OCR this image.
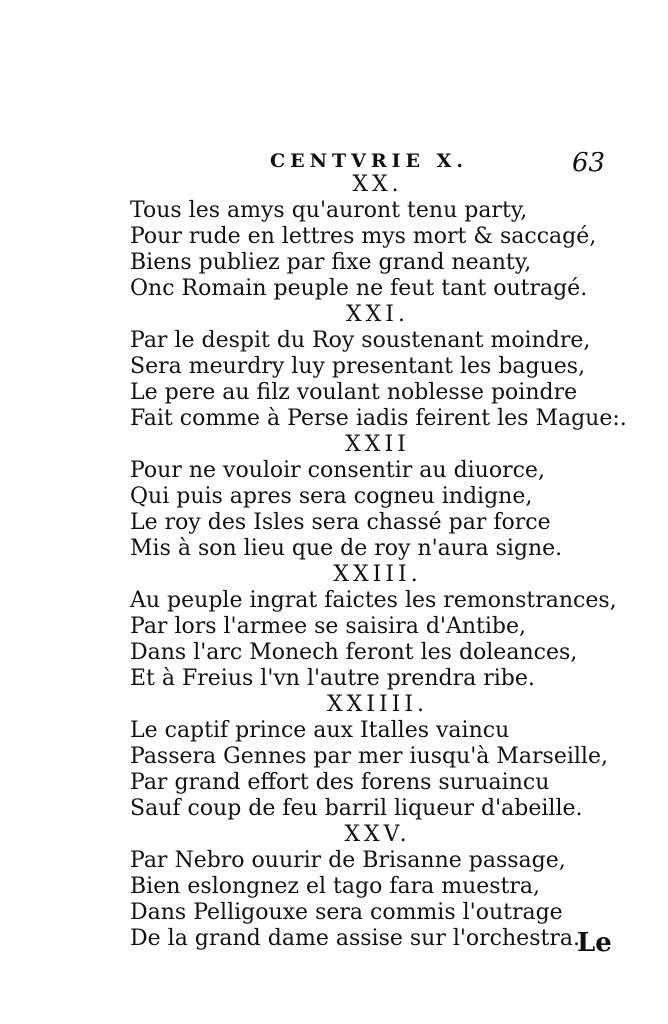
CENTVRIE X.	63
XX.
Tous les amys qu'auront tenu party,
Pour rude en lettres mys mort & saccagé,
Biens publiez par fixe grand neanty,
Onc Romain peuple ne feut tant outragé.
XXI.
Par le despit du Roy soustenant moindre,
Sera meurdry luy presentant les bagues,
Le pere au filz voulant noblesse poindre
Fait comme à Perse iadis feirent les Mague:.
XXII
Pour ne vouloir consentir au diuorce,
Qui puis apres sera cogneu indigne,
Le roy des Isles sera chassé par force
Mis à son lieu que de roy n'aura signe.
XXIII.
Au peuple ingrat faictes les remonstrances,
Par lors l'armee se saisira d'Antibe,
Dans l'arc Monech feront les doleances,
Et à Freius l'vn l'autre prendra ribe.
XXIIII.
Le captif prince aux Italles vaincu
Passera Gennes par mer iusqu'à Marseille,
Par grand effort des forens suruaincu
Sauf coup de feu barril liqueur d'abeille.
XXV.
Par Nebro ouurir de Brisanne passage,
Bien eslongnez el tago fara muestra,
Dans Pelligouxe sera commis l'outrage
De la grand dame assise sur l'orchestra.
Le
